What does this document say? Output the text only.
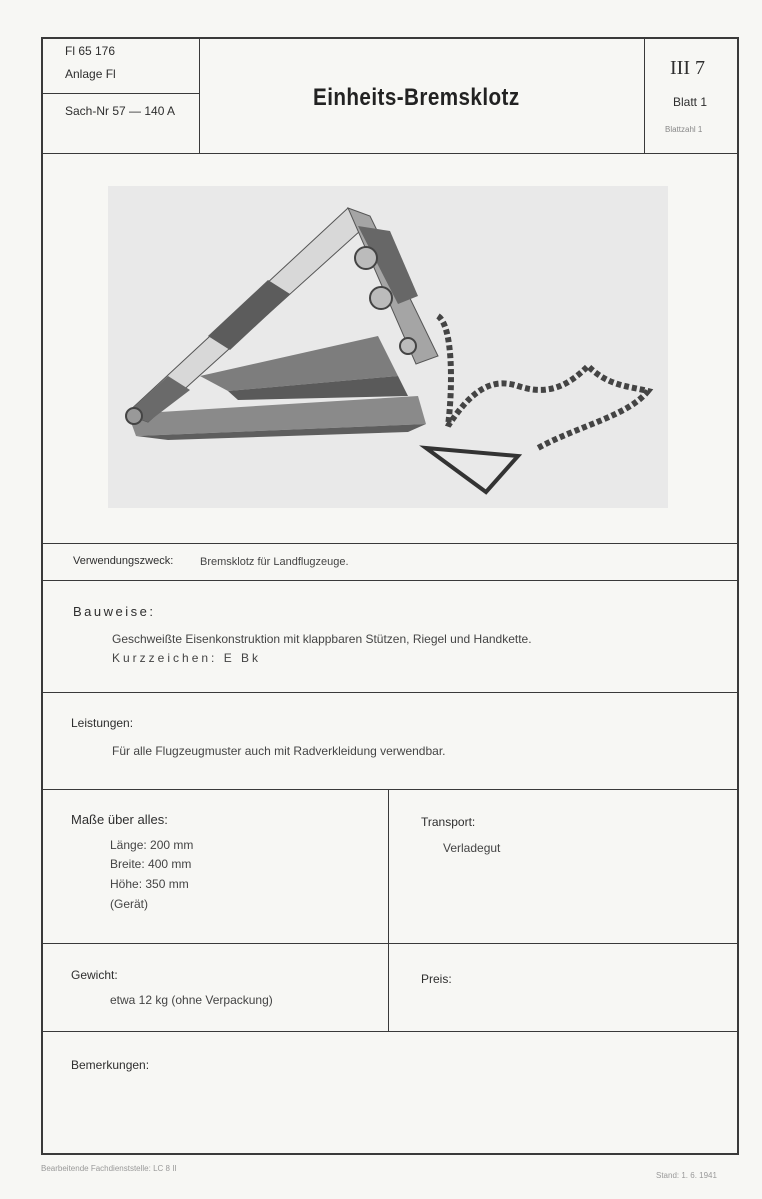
Fl 65 176
Anlage Fl
Sach-Nr 57 — 140 A	Einheits-Bremsklotz
III 7
Blatt 1
Blattzahl 1
Verwendungszweck: Bremsklotz für Landflugzeuge.
Bauweise:
Geschweißte Eisenkonstruktion mit klappbaren Stützen, Riegel und Handkette.
Kurzzeichen: E Bk
Leistungen:
Für alle Flugzeugmuster auch mit Radverkleidung verwendbar.
Maße über alles:
Länge: 200 mm
Breite: 400 mm
Höhe: 350 mm
(Gerät)
Transport:
Verladegut
Gewicht:
etwa 12 kg (ohne Verpackung)
Preis:
Bemerkungen:
Bearbeitende Fachdienststelle: LC 8 II
Stand: 1. 6. 1941
